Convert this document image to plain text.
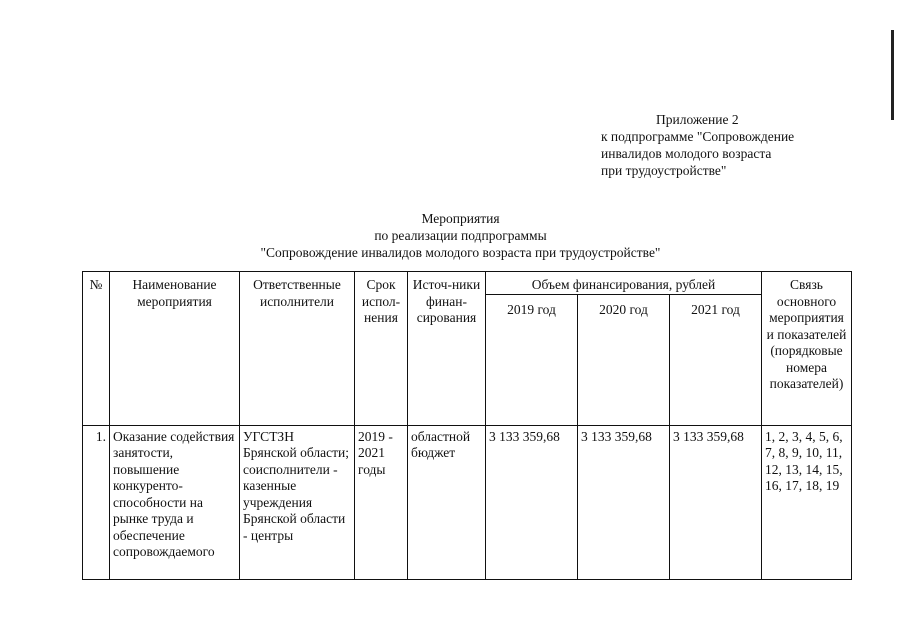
Приложение 2
к подпрограмме "Сопровождение
инвалидов молодого возраста
при трудоустройстве"
Мероприятия
по реализации подпрограммы
"Сопровождение инвалидов молодого возраста при трудоустройстве"
№	Наименование мероприятия	Ответственные исполнители	Срок испол-нения	Источ-ники финан-сирования	Объем финансирования, рублей			Связь основного мероприятия и показателей (порядковые номера показателей)
					2019 год	2020 год	2021 год	
1.	Оказание содействия занятости, повышение конкуренто-способности на рынке труда и обеспечение сопровождаемого	УГСТЗН Брянской области; соисполнители - казенные учреждения Брянской области - центры	2019 - 2021 годы	областной бюджет	3 133 359,68	3 133 359,68	3 133 359,68	1, 2, 3, 4, 5, 6, 7, 8, 9, 10, 11, 12, 13, 14, 15, 16, 17, 18, 19
